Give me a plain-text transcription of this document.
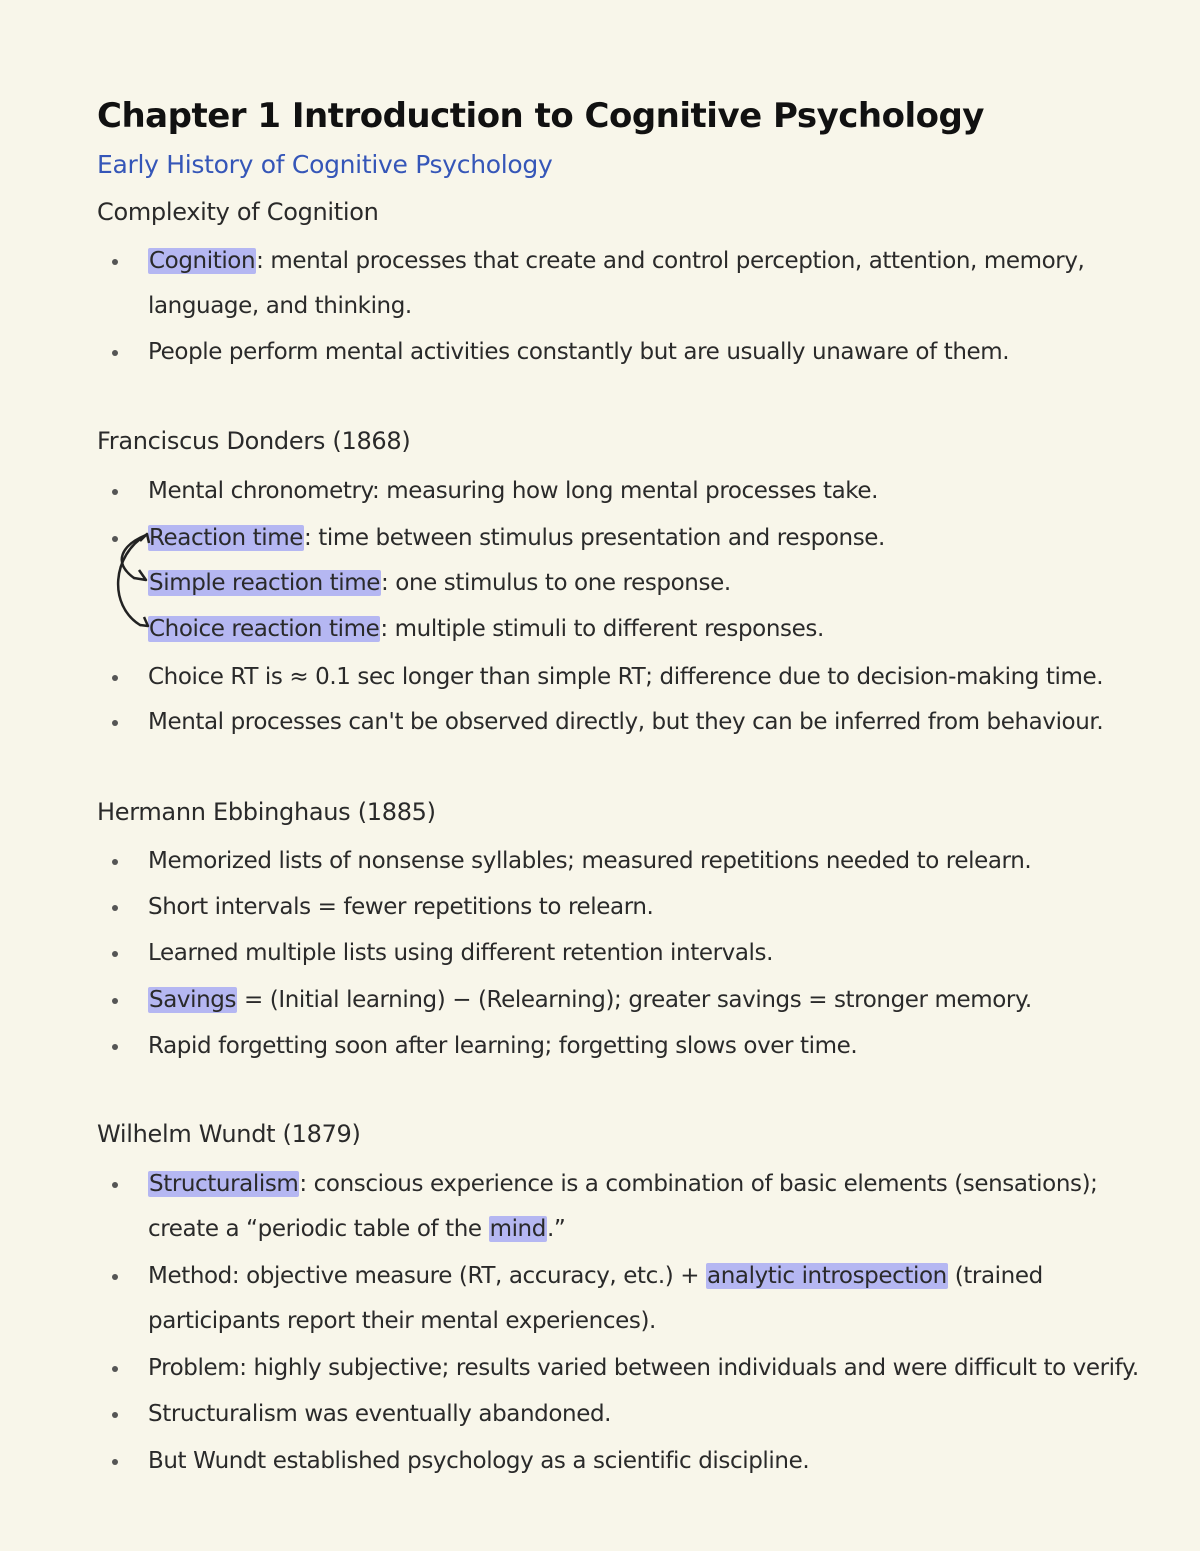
Chapter 1 Introduction to Cognitive Psychology
Early History of Cognitive Psychology
Complexity of Cognition
Cognition: mental processes that create and control perception, attention, memory,
language, and thinking.
People perform mental activities constantly but are usually unaware of them.
Franciscus Donders (1868)
Mental chronometry: measuring how long mental processes take.
Reaction time: time between stimulus presentation and response.
Simple reaction time: one stimulus to one response.
Choice reaction time: multiple stimuli to different responses.
Choice RT is ≈ 0.1 sec longer than simple RT; difference due to decision-making time.
Mental processes can't be observed directly, but they can be inferred from behaviour.
Hermann Ebbinghaus (1885)
Memorized lists of nonsense syllables; measured repetitions needed to relearn.
Short intervals = fewer repetitions to relearn.
Learned multiple lists using different retention intervals.
Savings = (Initial learning) − (Relearning); greater savings = stronger memory.
Rapid forgetting soon after learning; forgetting slows over time.
Wilhelm Wundt (1879)
Structuralism: conscious experience is a combination of basic elements (sensations);
create a “periodic table of the mind.”
Method: objective measure (RT, accuracy, etc.) + analytic introspection (trained
participants report their mental experiences).
Problem: highly subjective; results varied between individuals and were difficult to verify.
Structuralism was eventually abandoned.
But Wundt established psychology as a scientific discipline.
